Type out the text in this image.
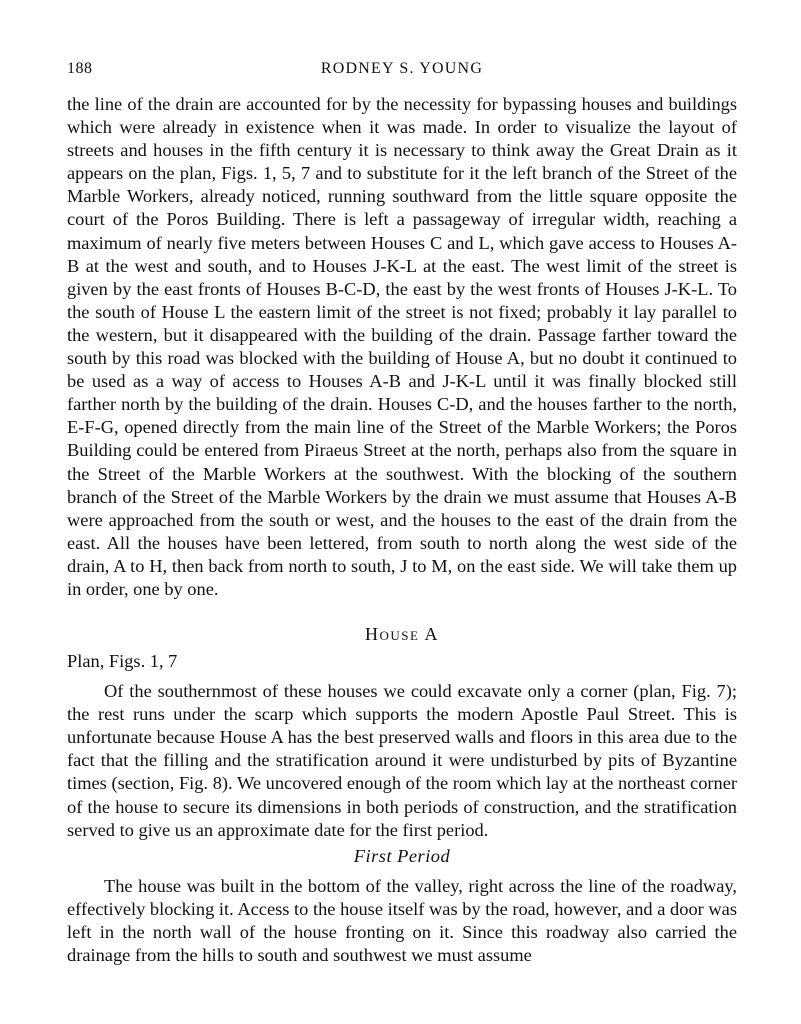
188	RODNEY S. YOUNG

the line of the drain are accounted for by the necessity for bypassing houses and buildings which were already in existence when it was made. In order to visualize the layout of streets and houses in the fifth century it is necessary to think away the Great Drain as it appears on the plan, Figs. 1, 5, 7 and to substitute for it the left branch of the Street of the Marble Workers, already noticed, running southward from the little square opposite the court of the Poros Building. There is left a passageway of irregular width, reaching a maximum of nearly five meters between Houses C and L, which gave access to Houses A-B at the west and south, and to Houses J-K-L at the east. The west limit of the street is given by the east fronts of Houses B-C-D, the east by the west fronts of Houses J-K-L. To the south of House L the eastern limit of the street is not fixed; probably it lay parallel to the western, but it disappeared with the building of the drain. Passage farther toward the south by this road was blocked with the building of House A, but no doubt it continued to be used as a way of access to Houses A-B and J-K-L until it was finally blocked still farther north by the building of the drain. Houses C-D, and the houses farther to the north, E-F-G, opened directly from the main line of the Street of the Marble Workers; the Poros Building could be entered from Piraeus Street at the north, perhaps also from the square in the Street of the Marble Workers at the southwest. With the blocking of the southern branch of the Street of the Marble Workers by the drain we must assume that Houses A-B were approached from the south or west, and the houses to the east of the drain from the east. All the houses have been lettered, from south to north along the west side of the drain, A to H, then back from north to south, J to M, on the east side. We will take them up in order, one by one.

House A
Plan, Figs. 1, 7

Of the southernmost of these houses we could excavate only a corner (plan, Fig. 7); the rest runs under the scarp which supports the modern Apostle Paul Street. This is unfortunate because House A has the best preserved walls and floors in this area due to the fact that the filling and the stratification around it were undisturbed by pits of Byzantine times (section, Fig. 8). We uncovered enough of the room which lay at the northeast corner of the house to secure its dimensions in both periods of construction, and the stratification served to give us an approximate date for the first period.

First Period

The house was built in the bottom of the valley, right across the line of the roadway, effectively blocking it. Access to the house itself was by the road, however, and a door was left in the north wall of the house fronting on it. Since this roadway also carried the drainage from the hills to south and southwest we must assume
